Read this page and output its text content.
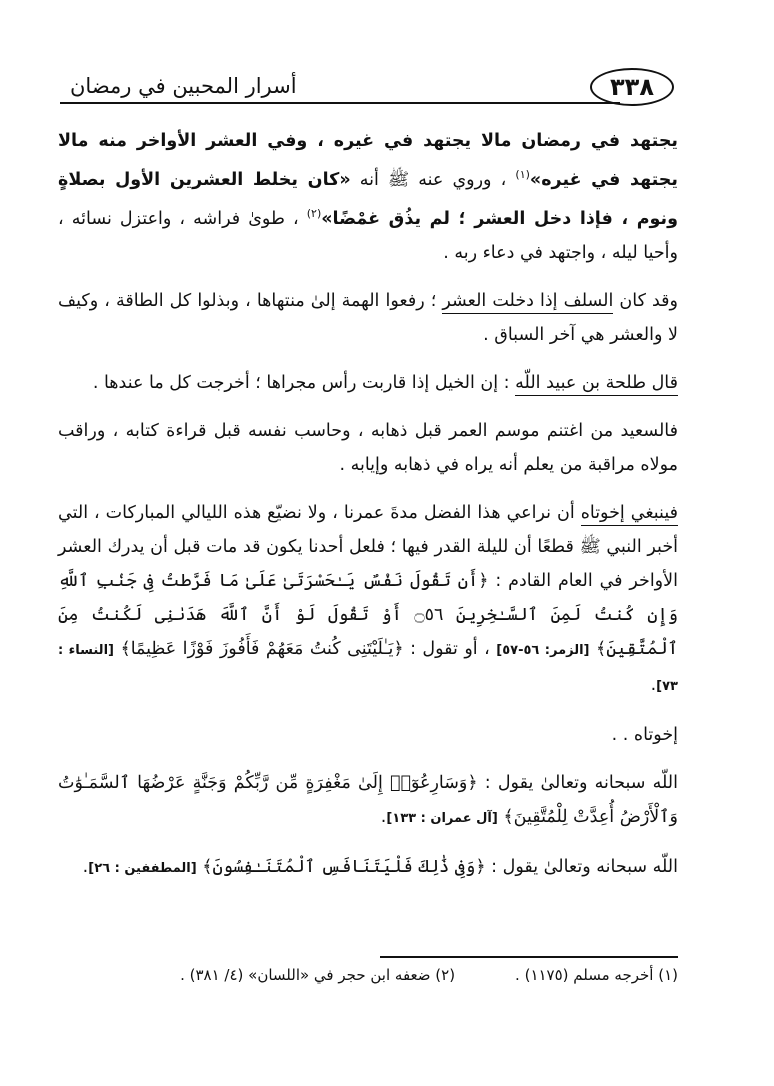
٣٣٨
أسرار المحبين في رمضان

يجتهد في رمضان مالا يجتهد في غيره ، وفي العشر الأواخر منه مالا يجتهد في غيره»$^{(١)}$ ، وروي عنه ﷺ أنه «كان يخلط العشرين الأول بصلاةٍ ونوم ، فإذا دخل العشر ؛ لم يذُق غمْضًا»$^{(٢)}$ ، طوىٰ فراشه ، واعتزل نسائه ، وأحيا ليله ، واجتهد في دعاء ربه .

وقد كان السلف إذا دخلت العشر ؛ رفعوا الهمة إلىٰ منتهاها ، وبذلوا كل الطاقة ، وكيف لا والعشر هي آخر السباق .

قال طلحة بن عبيد اللّه : إن الخيل إذا قاربت رأس مجراها ؛ أخرجت كل ما عندها .

فالسعيد من اغتنم موسم العمر قبل ذهابه ، وحاسب نفسه قبل قراءة كتابه ، وراقب مولاه مراقبة من يعلم أنه يراه في ذهابه وإيابه .

فينبغي إخوتاه أن نراعي هذا الفضل مدةَ عمرنا ، ولا نضيّع هذه الليالي المباركات ، التي أخبر النبي ﷺ قطعًا أن لليلة القدر فيها ؛ فلعل أحدنا يكون قد مات قبل أن يدرك العشر الأواخر في العام القادم : ﴿أَن تَقُولَ نَفْسٌ يَـٰحَسْرَتَىٰ عَلَىٰ مَا فَرَّطتُ فِى جَنۢبِ ٱللَّهِ وَإِن كُنتُ لَمِنَ ٱلسَّـٰخِرِينَ ۝٥٦ أَوْ تَقُولَ لَوْ أَنَّ ٱللَّهَ هَدَىٰنِى لَكُنتُ مِنَ ٱلْمُتَّقِينَ﴾ [الزمر: ٥٦-٥٧] ، أو تقول : ﴿يَـٰلَيْتَنِى كُنتُ مَعَهُمْ فَأَفُوزَ فَوْزًا عَظِيمًا﴾ [النساء : ٧٣].

إخوتاه . .

اللّه سبحانه وتعالىٰ يقول : ﴿وَسَارِعُوٓا۟ إِلَىٰ مَغْفِرَةٍ مِّن رَّبِّكُمْ وَجَنَّةٍ عَرْضُهَا ٱلسَّمَـٰوَٰتُ وَٱلْأَرْضُ أُعِدَّتْ لِلْمُتَّقِينَ﴾ [آل عمران : ١٣٣].

اللّه سبحانه وتعالىٰ يقول : ﴿وَفِى ذَٰلِكَ فَلْيَتَنَافَسِ ٱلْمُتَنَـٰفِسُونَ﴾ [المطففين : ٢٦].

(١) أخرجه مسلم (١١٧٥) .
(٢) ضعفه ابن حجر في «اللسان» (٤/ ٣٨١) .
